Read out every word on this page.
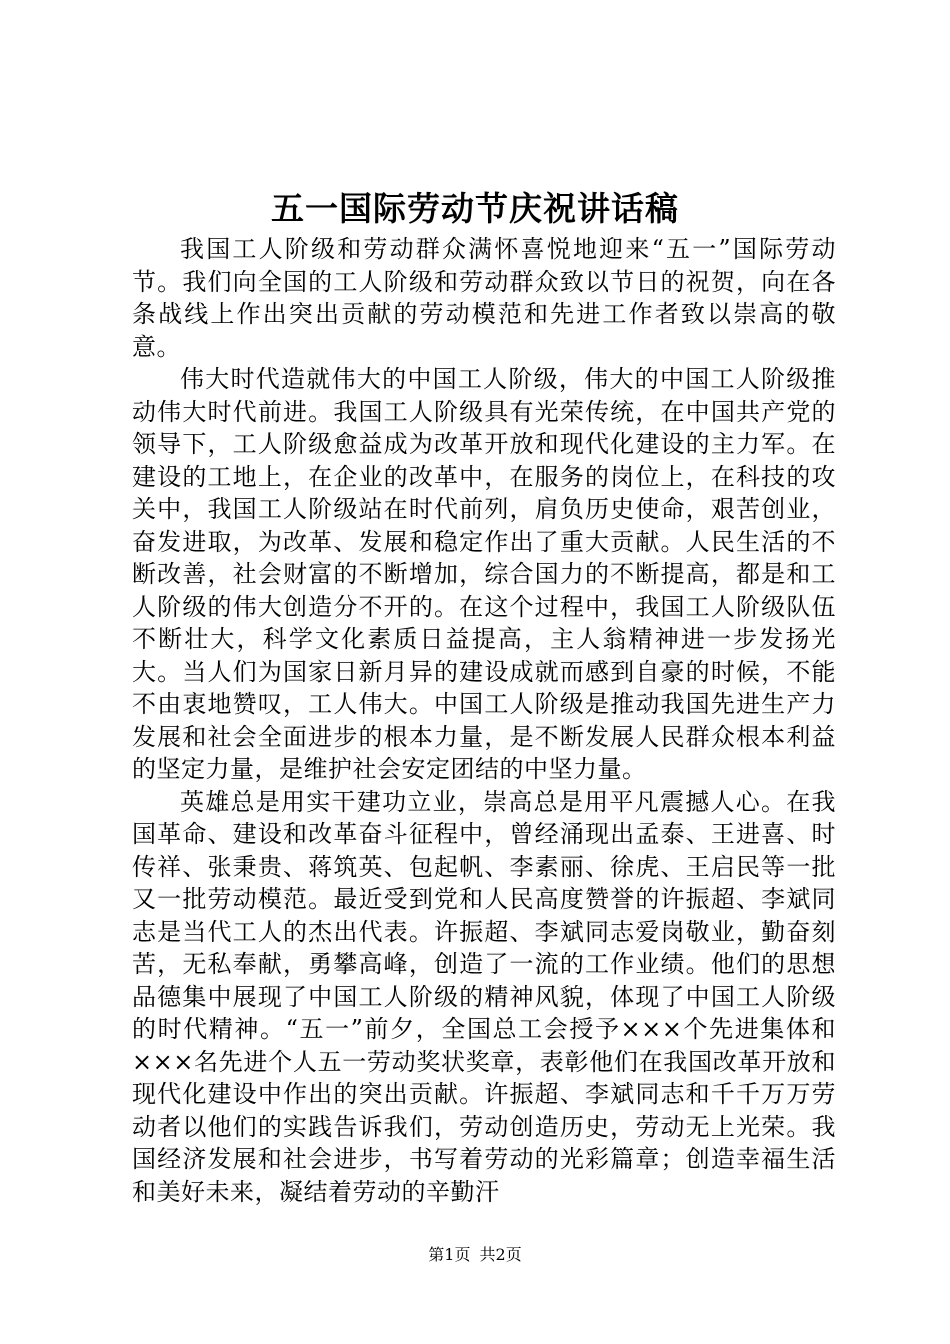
五一国际劳动节庆祝讲话稿

我国工人阶级和劳动群众满怀喜悦地迎来“五一”国际劳动节。我们向全国的工人阶级和劳动群众致以节日的祝贺，向在各条战线上作出突出贡献的劳动模范和先进工作者致以崇高的敬意。

伟大时代造就伟大的中国工人阶级，伟大的中国工人阶级推动伟大时代前进。我国工人阶级具有光荣传统，在中国共产党的领导下，工人阶级愈益成为改革开放和现代化建设的主力军。在建设的工地上，在企业的改革中，在服务的岗位上，在科技的攻关中，我国工人阶级站在时代前列，肩负历史使命，艰苦创业，奋发进取，为改革、发展和稳定作出了重大贡献。人民生活的不断改善，社会财富的不断增加，综合国力的不断提高，都是和工人阶级的伟大创造分不开的。在这个过程中，我国工人阶级队伍不断壮大，科学文化素质日益提高，主人翁精神进一步发扬光大。当人们为国家日新月异的建设成就而感到自豪的时候，不能不由衷地赞叹，工人伟大。中国工人阶级是推动我国先进生产力发展和社会全面进步的根本力量，是不断发展人民群众根本利益的坚定力量，是维护社会安定团结的中坚力量。

英雄总是用实干建功立业，崇高总是用平凡震撼人心。在我国革命、建设和改革奋斗征程中，曾经涌现出孟泰、王进喜、时传祥、张秉贵、蒋筑英、包起帆、李素丽、徐虎、王启民等一批又一批劳动模范。最近受到党和人民高度赞誉的许振超、李斌同志是当代工人的杰出代表。许振超、李斌同志爱岗敬业，勤奋刻苦，无私奉献，勇攀高峰，创造了一流的工作业绩。他们的思想品德集中展现了中国工人阶级的精神风貌，体现了中国工人阶级的时代精神。“五一”前夕，全国总工会授予×××个先进集体和×××名先进个人五一劳动奖状奖章，表彰他们在我国改革开放和现代化建设中作出的突出贡献。许振超、李斌同志和千千万万劳动者以他们的实践告诉我们，劳动创造历史，劳动无上光荣。我国经济发展和社会进步，书写着劳动的光彩篇章；创造幸福生活和美好未来，凝结着劳动的辛勤汗

第1页 共2页
